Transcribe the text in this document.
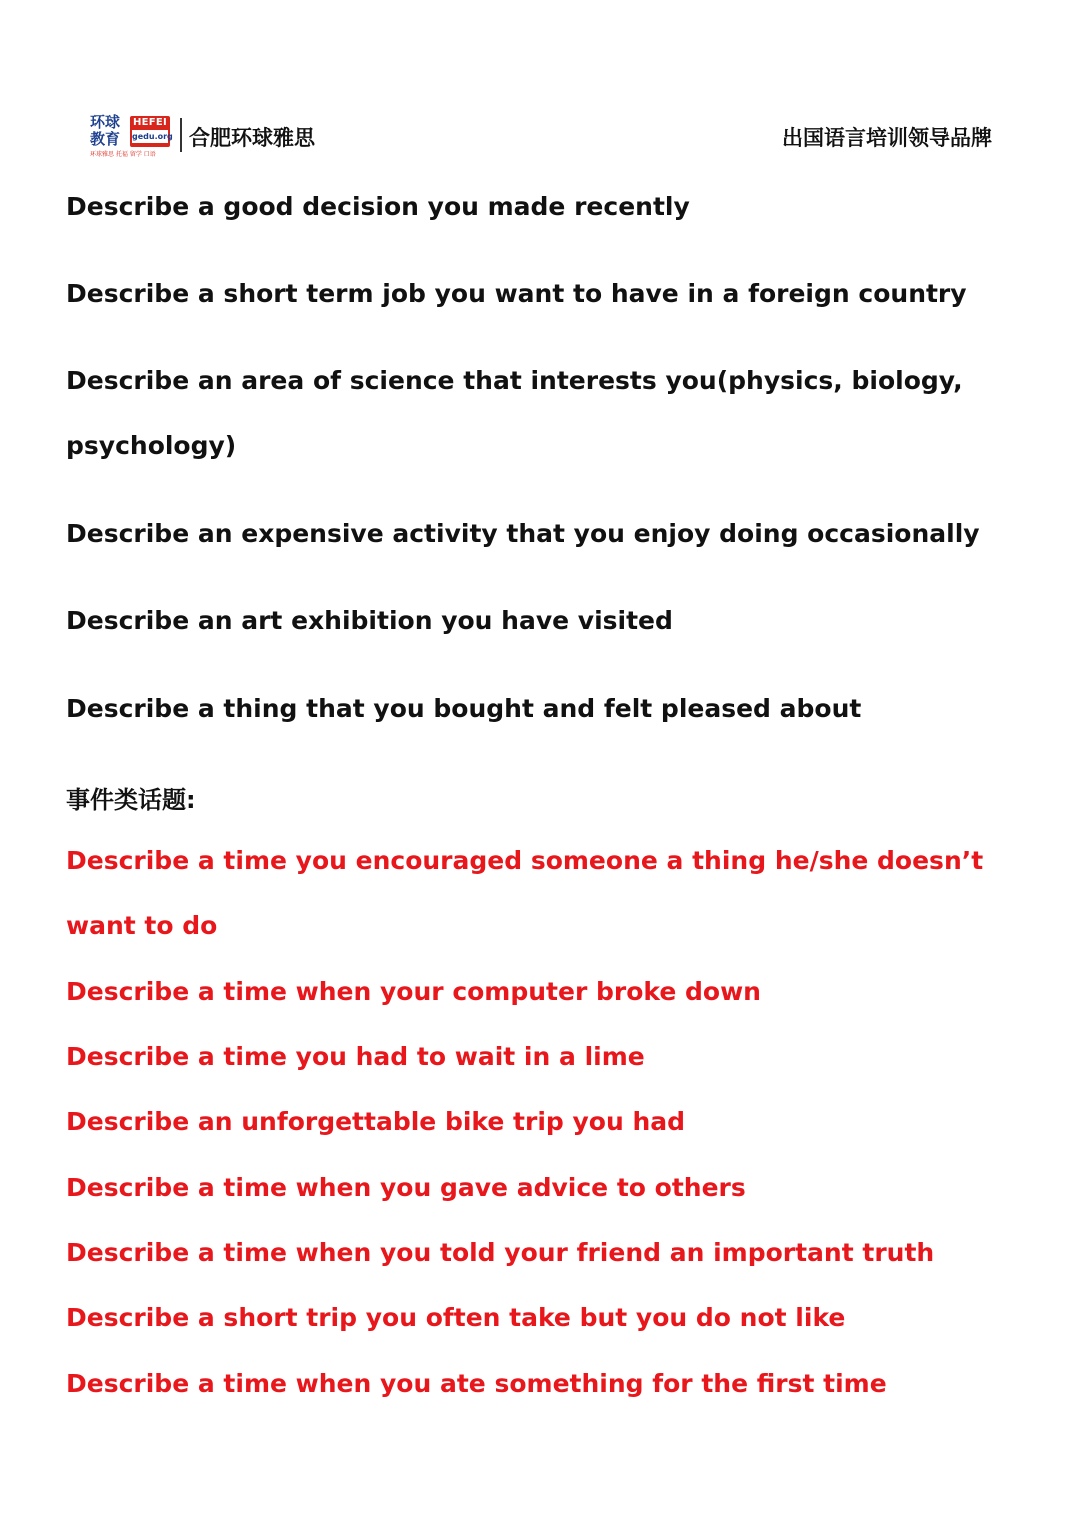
环球
教育
HEFEI
gedu.org
环球雅思 托福 留学 口语
合肥环球雅思	出国语言培训领导品牌

Describe a good decision you made recently

Describe a short term job you want to have in a foreign country

Describe an area of science that interests you(physics, biology,

psychology)

Describe an expensive activity that you enjoy doing occasionally

Describe an art exhibition you have visited

Describe a thing that you bought and felt pleased about

事件类话题:

Describe a time you encouraged someone a thing he/she doesn’t

want to do

Describe a time when your computer broke down

Describe a time you had to wait in a lime

Describe an unforgettable bike trip you had

Describe a time when you gave advice to others

Describe a time when you told your friend an important truth

Describe a short trip you often take but you do not like

Describe a time when you ate something for the first time
